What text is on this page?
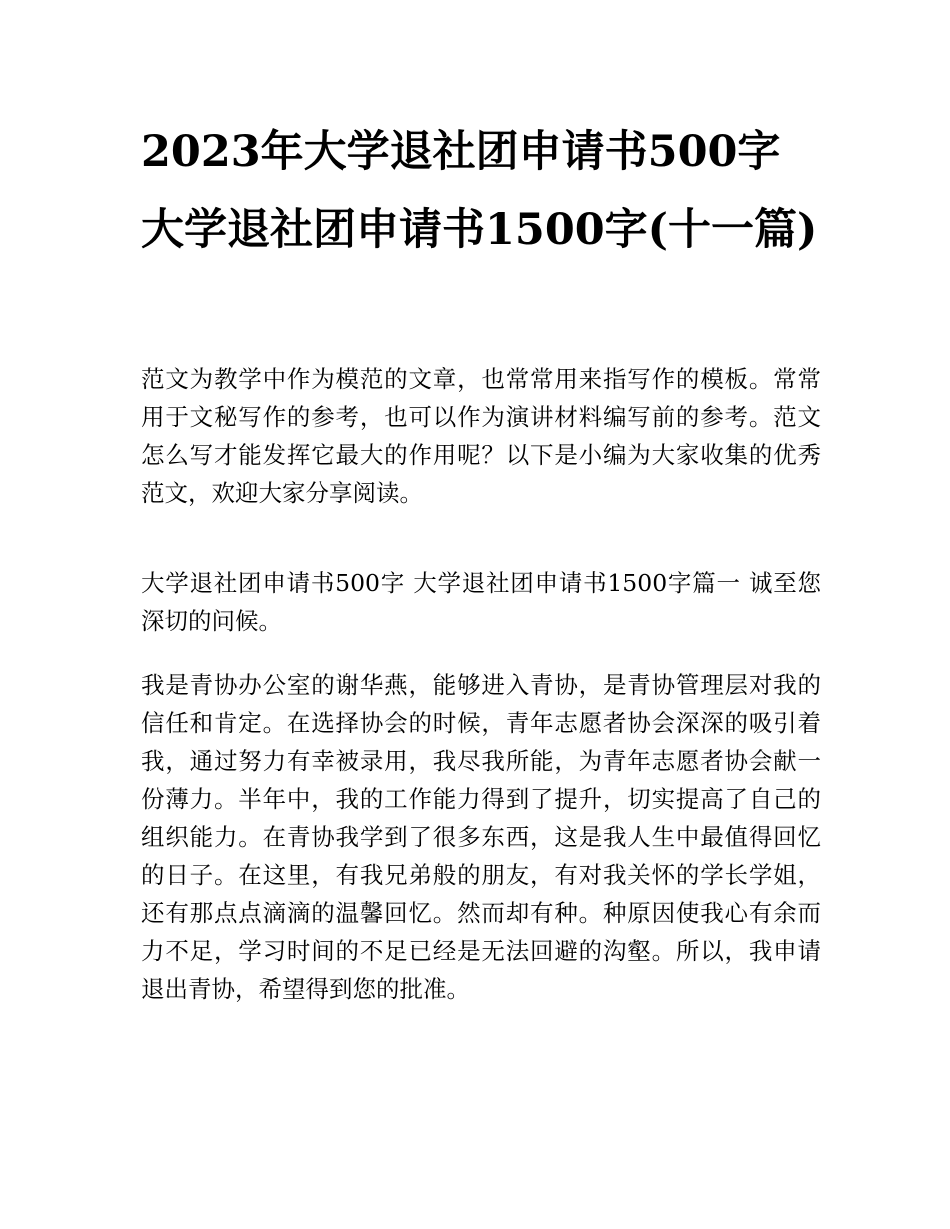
2023年大学退社团申请书500字 大学退社团申请书1500字(十一篇)

范文为教学中作为模范的文章，也常常用来指写作的模板。常常用于文秘写作的参考，也可以作为演讲材料编写前的参考。范文怎么写才能发挥它最大的作用呢？以下是小编为大家收集的优秀范文，欢迎大家分享阅读。

大学退社团申请书500字 大学退社团申请书1500字篇一 诚至您深切的问候。

我是青协办公室的谢华燕，能够进入青协，是青协管理层对我的信任和肯定。在选择协会的时候，青年志愿者协会深深的吸引着我，通过努力有幸被录用，我尽我所能，为青年志愿者协会献一份薄力。半年中，我的工作能力得到了提升，切实提高了自己的组织能力。在青协我学到了很多东西，这是我人生中最值得回忆的日子。在这里，有我兄弟般的朋友，有对我关怀的学长学姐，还有那点点滴滴的温馨回忆。然而却有种。种原因使我心有余而力不足，学习时间的不足已经是无法回避的沟壑。所以，我申请退出青协，希望得到您的批准。
